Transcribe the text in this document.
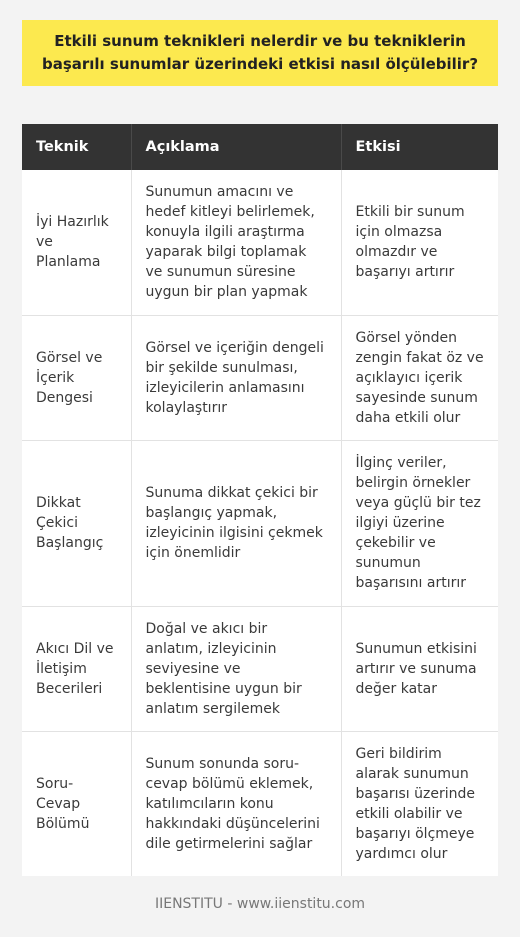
Etkili sunum teknikleri nelerdir ve bu tekniklerin başarılı sunumlar üzerindeki etkisi nasıl ölçülebilir?
Teknik	Açıklama	Etkisi
İyi Hazırlık ve Planlama	Sunumun amacını ve hedef kitleyi belirlemek, konuyla ilgili araştırma yaparak bilgi toplamak ve sunumun süresine uygun bir plan yapmak	Etkili bir sunum için olmazsa olmazdır ve başarıyı artırır
Görsel ve İçerik Dengesi	Görsel ve içeriğin dengeli bir şekilde sunulması, izleyicilerin anlamasını kolaylaştırır	Görsel yönden zengin fakat öz ve açıklayıcı içerik sayesinde sunum daha etkili olur
Dikkat Çekici Başlangıç	Sunuma dikkat çekici bir başlangıç yapmak, izleyicinin ilgisini çekmek için önemlidir	İlginç veriler, belirgin örnekler veya güçlü bir tez ilgiyi üzerine çekebilir ve sunumun başarısını artırır
Akıcı Dil ve İletişim Becerileri	Doğal ve akıcı bir anlatım, izleyicinin seviyesine ve beklentisine uygun bir anlatım sergilemek	Sunumun etkisini artırır ve sunuma değer katar
Soru-Cevap Bölümü	Sunum sonunda soru-cevap bölümü eklemek, katılımcıların konu hakkındaki düşüncelerini dile getirmelerini sağlar	Geri bildirim alarak sunumun başarısı üzerinde etkili olabilir ve başarıyı ölçmeye yardımcı olur
IIENSTITU - www.iienstitu.com
